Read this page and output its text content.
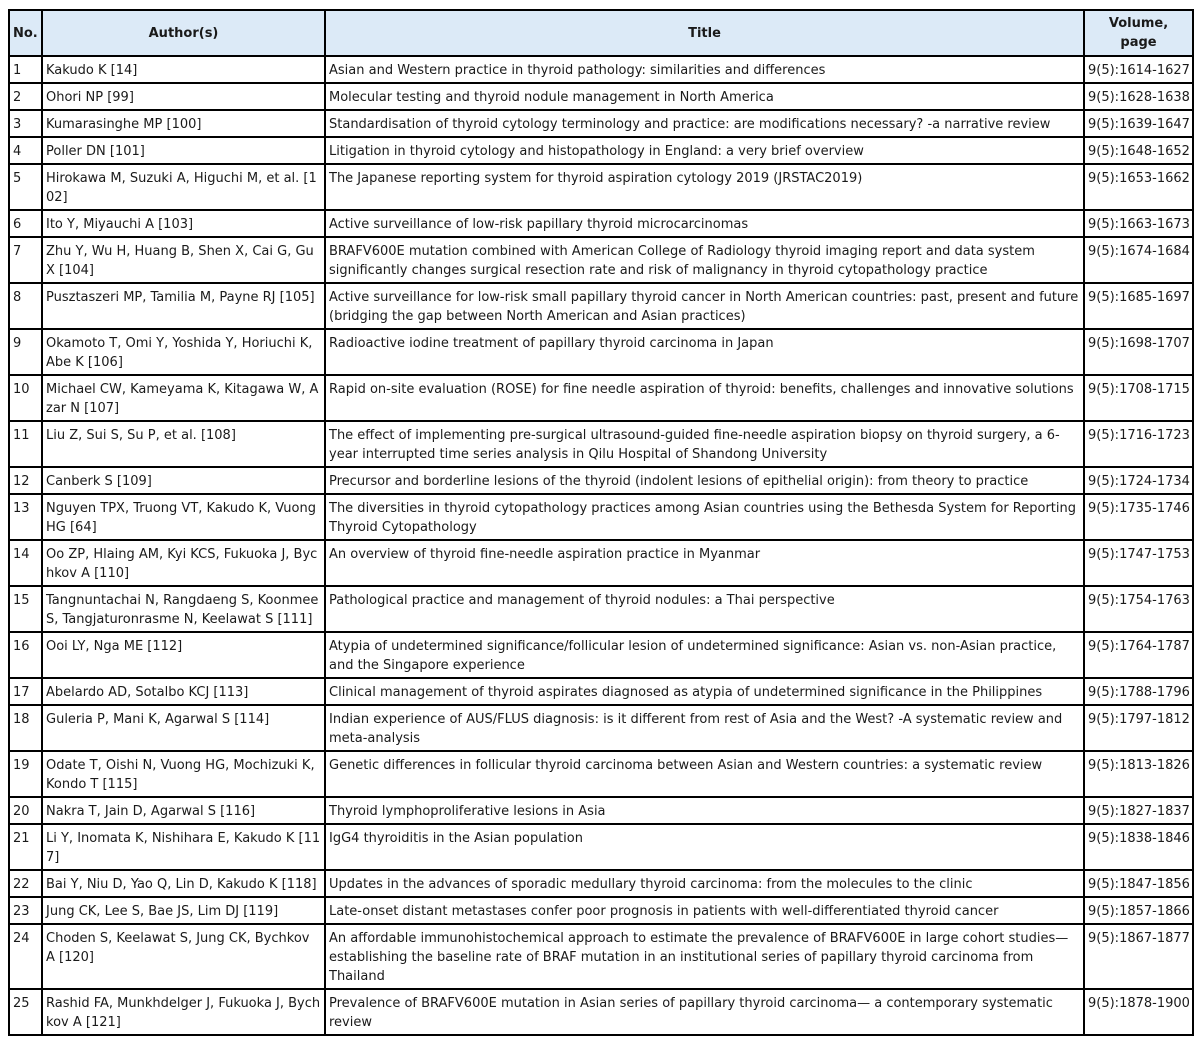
No.	Author(s)	Title	Volume,
page
1	Kakudo K [14]	Asian and Western practice in thyroid pathology: similarities and differences	9(5):1614-1627
2	Ohori NP [99]	Molecular testing and thyroid nodule management in North America	9(5):1628-1638
3	Kumarasinghe MP [100]	Standardisation of thyroid cytology terminology and practice: are modifications necessary? -a narrative review	9(5):1639-1647
4	Poller DN [101]	Litigation in thyroid cytology and histopathology in England: a very brief overview	9(5):1648-1652
5	Hirokawa M, Suzuki A, Higuchi M, et al. [102]	The Japanese reporting system for thyroid aspiration cytology 2019 (JRSTAC2019)	9(5):1653-1662
6	Ito Y, Miyauchi A [103]	Active surveillance of low-risk papillary thyroid microcarcinomas	9(5):1663-1673
7	Zhu Y, Wu H, Huang B, Shen X, Cai G, Gu X [104]	BRAFV600E mutation combined with American College of Radiology thyroid imaging report and data system significantly changes surgical resection rate and risk of malignancy in thyroid cytopathology practice	9(5):1674-1684
8	Pusztaszeri MP, Tamilia M, Payne RJ [105]	Active surveillance for low-risk small papillary thyroid cancer in North American countries: past, present and future (bridging the gap between North American and Asian practices)	9(5):1685-1697
9	Okamoto T, Omi Y, Yoshida Y, Horiuchi K, Abe K [106]	Radioactive iodine treatment of papillary thyroid carcinoma in Japan	9(5):1698-1707
10	Michael CW, Kameyama K, Kitagawa W, Azar N [107]	Rapid on-site evaluation (ROSE) for fine needle aspiration of thyroid: benefits, challenges and innovative solutions	9(5):1708-1715
11	Liu Z, Sui S, Su P, et al. [108]	The effect of implementing pre-surgical ultrasound-guided fine-needle aspiration biopsy on thyroid surgery, a 6-year interrupted time series analysis in Qilu Hospital of Shandong University	9(5):1716-1723
12	Canberk S [109]	Precursor and borderline lesions of the thyroid (indolent lesions of epithelial origin): from theory to practice	9(5):1724-1734
13	Nguyen TPX, Truong VT, Kakudo K, Vuong HG [64]	The diversities in thyroid cytopathology practices among Asian countries using the Bethesda System for Reporting Thyroid Cytopathology	9(5):1735-1746
14	Oo ZP, Hlaing AM, Kyi KCS, Fukuoka J, Bychkov A [110]	An overview of thyroid fine-needle aspiration practice in Myanmar	9(5):1747-1753
15	Tangnuntachai N, Rangdaeng S, Koonmee S, Tangjaturonrasme N, Keelawat S [111]	Pathological practice and management of thyroid nodules: a Thai perspective	9(5):1754-1763
16	Ooi LY, Nga ME [112]	Atypia of undetermined significance/follicular lesion of undetermined significance: Asian vs. non-Asian practice, and the Singapore experience	9(5):1764-1787
17	Abelardo AD, Sotalbo KCJ [113]	Clinical management of thyroid aspirates diagnosed as atypia of undetermined significance in the Philippines	9(5):1788-1796
18	Guleria P, Mani K, Agarwal S [114]	Indian experience of AUS/FLUS diagnosis: is it different from rest of Asia and the West? -A systematic review and meta-analysis	9(5):1797-1812
19	Odate T, Oishi N, Vuong HG, Mochizuki K, Kondo T [115]	Genetic differences in follicular thyroid carcinoma between Asian and Western countries: a systematic review	9(5):1813-1826
20	Nakra T, Jain D, Agarwal S [116]	Thyroid lymphoproliferative lesions in Asia	9(5):1827-1837
21	Li Y, Inomata K, Nishihara E, Kakudo K [117]	IgG4 thyroiditis in the Asian population	9(5):1838-1846
22	Bai Y, Niu D, Yao Q, Lin D, Kakudo K [118]	Updates in the advances of sporadic medullary thyroid carcinoma: from the molecules to the clinic	9(5):1847-1856
23	Jung CK, Lee S, Bae JS, Lim DJ [119]	Late-onset distant metastases confer poor prognosis in patients with well-differentiated thyroid cancer	9(5):1857-1866
24	Choden S, Keelawat S, Jung CK, Bychkov A [120]	An affordable immunohistochemical approach to estimate the prevalence of BRAFV600E in large cohort studies—establishing the baseline rate of BRAF mutation in an institutional series of papillary thyroid carcinoma from Thailand	9(5):1867-1877
25	Rashid FA, Munkhdelger J, Fukuoka J, Bychkov A [121]	Prevalence of BRAFV600E mutation in Asian series of papillary thyroid carcinoma— a contemporary systematic review	9(5):1878-1900
